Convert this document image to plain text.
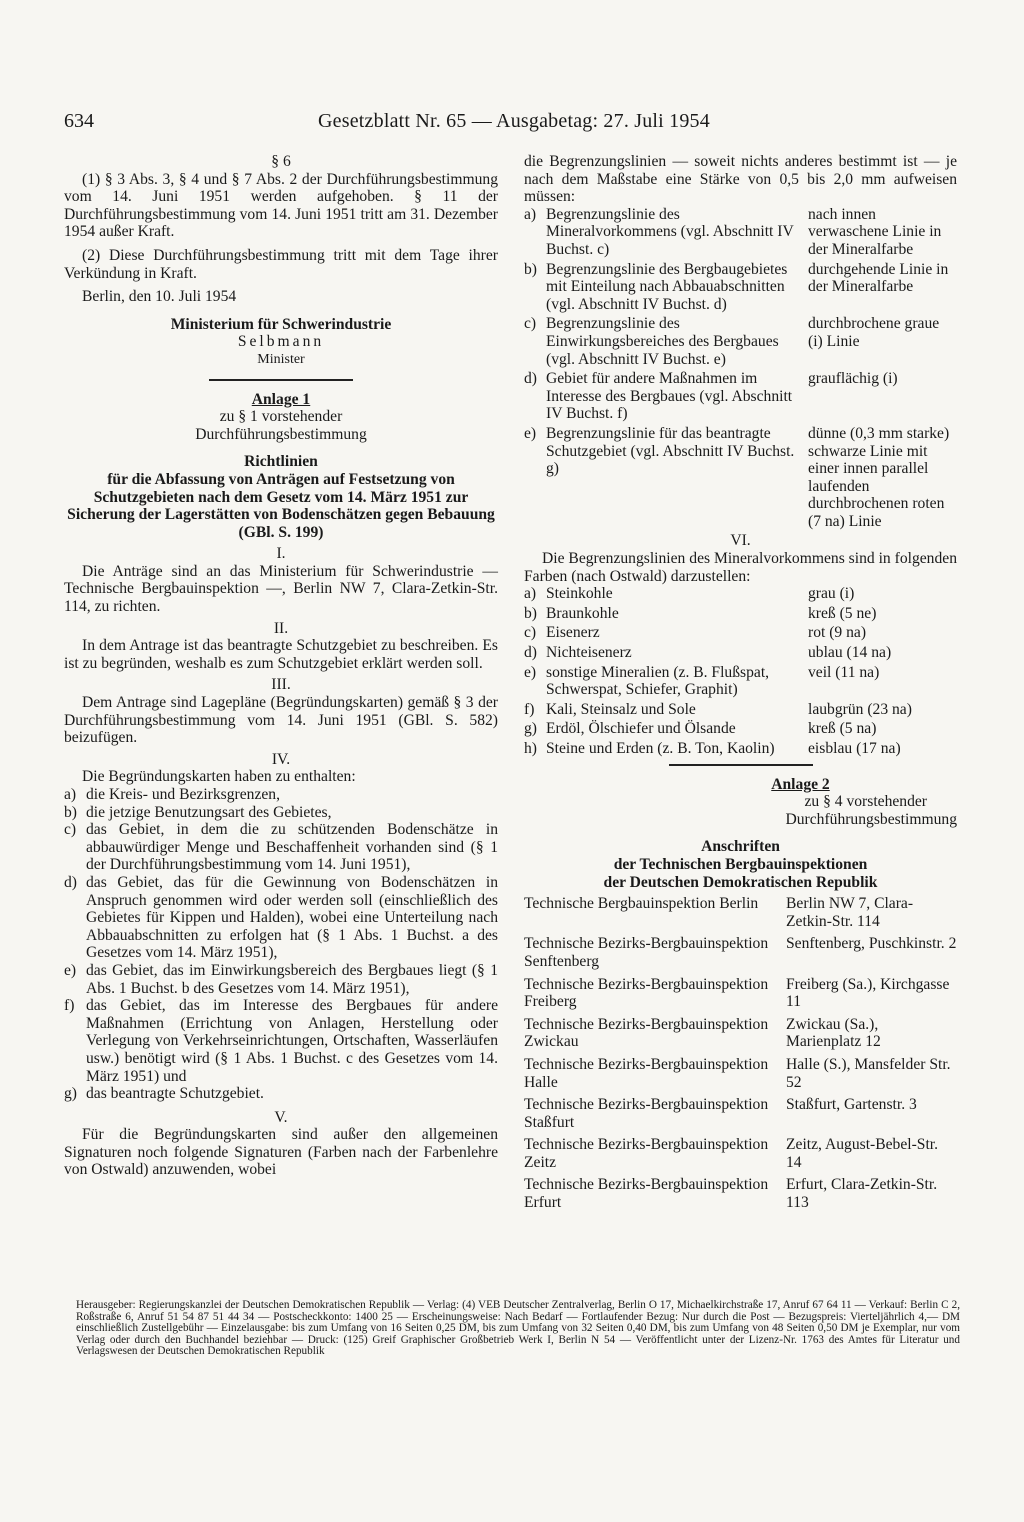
634	Gesetzblatt Nr. 65 — Ausgabetag: 27. Juli 1954
§ 6
(1) § 3 Abs. 3, § 4 und § 7 Abs. 2 der Durchführungsbestimmung vom 14. Juni 1951 werden aufgehoben. § 11 der Durchführungsbestimmung vom 14. Juni 1951 tritt am 31. Dezember 1954 außer Kraft.
(2) Diese Durchführungsbestimmung tritt mit dem Tage ihrer Verkündung in Kraft.
Berlin, den 10. Juli 1954
Ministerium für Schwerindustrie
Selbmann
Minister
Anlage 1
zu § 1 vorstehender
Durchführungsbestimmung
Richtlinien
für die Abfassung von Anträgen auf Festsetzung von Schutzgebieten nach dem Gesetz vom 14. März 1951 zur Sicherung der Lagerstätten von Bodenschätzen gegen Bebauung (GBl. S. 199)
I.
Die Anträge sind an das Ministerium für Schwerindustrie — Technische Bergbauinspektion —, Berlin NW 7, Clara-Zetkin-Str. 114, zu richten.
II.
In dem Antrage ist das beantragte Schutzgebiet zu beschreiben. Es ist zu begründen, weshalb es zum Schutzgebiet erklärt werden soll.
III.
Dem Antrage sind Lagepläne (Begründungskarten) gemäß § 3 der Durchführungsbestimmung vom 14. Juni 1951 (GBl. S. 582) beizufügen.
IV.
Die Begründungskarten haben zu enthalten:
a) die Kreis- und Bezirksgrenzen,
b) die jetzige Benutzungsart des Gebietes,
c) das Gebiet, in dem die zu schützenden Bodenschätze in abbauwürdiger Menge und Beschaffenheit vorhanden sind (§ 1 der Durchführungsbestimmung vom 14. Juni 1951),
d) das Gebiet, das für die Gewinnung von Bodenschätzen in Anspruch genommen wird oder werden soll (einschließlich des Gebietes für Kippen und Halden), wobei eine Unterteilung nach Abbauabschnitten zu erfolgen hat (§ 1 Abs. 1 Buchst. a des Gesetzes vom 14. März 1951),
e) das Gebiet, das im Einwirkungsbereich des Bergbaues liegt (§ 1 Abs. 1 Buchst. b des Gesetzes vom 14. März 1951),
f) das Gebiet, das im Interesse des Bergbaues für andere Maßnahmen (Errichtung von Anlagen, Herstellung oder Verlegung von Verkehrseinrichtungen, Ortschaften, Wasserläufen usw.) benötigt wird (§ 1 Abs. 1 Buchst. c des Gesetzes vom 14. März 1951) und
g) das beantragte Schutzgebiet.
V.
Für die Begründungskarten sind außer den allgemeinen Signaturen noch folgende Signaturen (Farben nach der Farbenlehre von Ostwald) anzuwenden, wobei
die Begrenzungslinien — soweit nichts anderes bestimmt ist — je nach dem Maßstabe eine Stärke von 0,5 bis 2,0 mm aufweisen müssen:
a)	Begrenzungslinie des Mineralvorkommens (vgl. Abschnitt IV Buchst. c)	nach innen verwaschene Linie in der Mineralfarbe
b)	Begrenzungslinie des Bergbaugebietes mit Einteilung nach Abbauabschnitten (vgl. Abschnitt IV Buchst. d)	durchgehende Linie in der Mineralfarbe
c)	Begrenzungslinie des Einwirkungsbereiches des Bergbaues (vgl. Abschnitt IV Buchst. e)	durchbrochene graue (i) Linie
d)	Gebiet für andere Maßnahmen im Interesse des Bergbaues (vgl. Abschnitt IV Buchst. f)	grauflächig (i)
e)	Begrenzungslinie für das beantragte Schutzgebiet (vgl. Abschnitt IV Buchst. g)	dünne (0,3 mm starke) schwarze Linie mit einer innen parallel laufenden durchbrochenen roten (7 na) Linie
VI.
Die Begrenzungslinien des Mineralvorkommens sind in folgenden Farben (nach Ostwald) darzustellen:
a)	Steinkohle	grau (i)
b)	Braunkohle	kreß (5 ne)
c)	Eisenerz	rot (9 na)
d)	Nichteisenerz	ublau (14 na)
e)	sonstige Mineralien (z. B. Flußspat, Schwerspat, Schiefer, Graphit)	veil (11 na)
f)	Kali, Steinsalz und Sole	laubgrün (23 na)
g)	Erdöl, Ölschiefer und Ölsande	kreß (5 na)
h)	Steine und Erden (z. B. Ton, Kaolin)	eisblau (17 na)
Anlage 2
zu § 4 vorstehender
Durchführungsbestimmung
Anschriften
der Technischen Bergbauinspektionen
der Deutschen Demokratischen Republik
Technische Bergbauinspektion Berlin	Berlin NW 7, Clara-Zetkin-Str. 114
Technische Bezirks-Bergbauinspektion Senftenberg	Senftenberg, Puschkinstr. 2
Technische Bezirks-Bergbauinspektion Freiberg	Freiberg (Sa.), Kirchgasse 11
Technische Bezirks-Bergbauinspektion Zwickau	Zwickau (Sa.), Marienplatz 12
Technische Bezirks-Bergbauinspektion Halle	Halle (S.), Mansfelder Str. 52
Technische Bezirks-Bergbauinspektion Staßfurt	Staßfurt, Gartenstr. 3
Technische Bezirks-Bergbauinspektion Zeitz	Zeitz, August-Bebel-Str. 14
Technische Bezirks-Bergbauinspektion Erfurt	Erfurt, Clara-Zetkin-Str. 113
Herausgeber: Regierungskanzlei der Deutschen Demokratischen Republik — Verlag: (4) VEB Deutscher Zentralverlag, Berlin O 17, Michaelkirchstraße 17, Anruf 67 64 11 — Verkauf: Berlin C 2, Roßstraße 6, Anruf 51 54 87 51 44 34 — Postscheckkonto: 1400 25 — Erscheinungsweise: Nach Bedarf — Fortlaufender Bezug: Nur durch die Post — Bezugspreis: Vierteljährlich 4,— DM einschließlich Zustellgebühr — Einzelausgabe: bis zum Umfang von 16 Seiten 0,25 DM, bis zum Umfang von 32 Seiten 0,40 DM, bis zum Umfang von 48 Seiten 0,50 DM je Exemplar, nur vom Verlag oder durch den Buchhandel beziehbar — Druck: (125) Greif Graphischer Großbetrieb Werk I, Berlin N 54 — Veröffentlicht unter der Lizenz-Nr. 1763 des Amtes für Literatur und Verlagswesen der Deutschen Demokratischen Republik
